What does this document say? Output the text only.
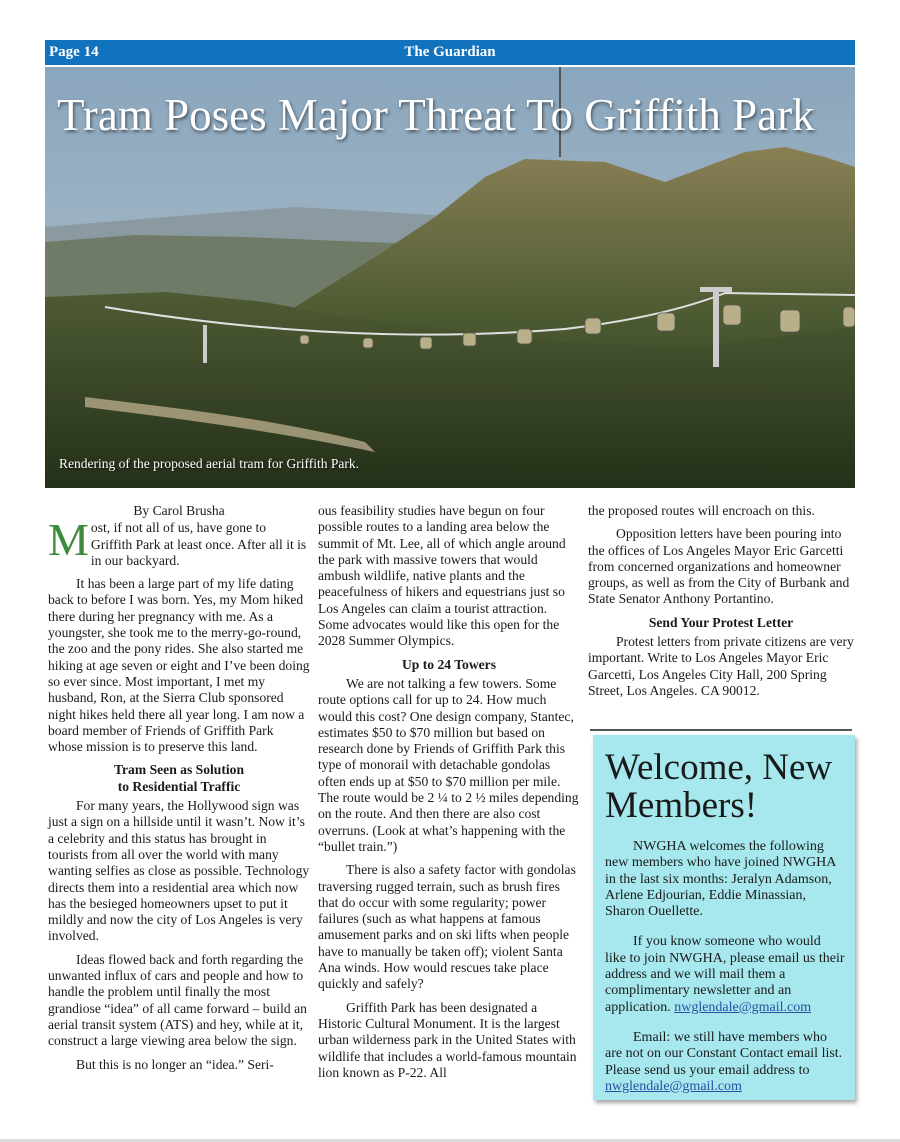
Page 14	The Guardian
Tram Poses Major Threat To Griffith Park
Rendering of the proposed aerial tram for Griffith Park.
By Carol Brusha

Most, if not all of us, have gone to Griffith Park at least once. After all it is in our backyard.

It has been a large part of my life dating back to before I was born. Yes, my Mom hiked there during her pregnancy with me. As a youngster, she took me to the merry-go-round, the zoo and the pony rides. She also started me hiking at age seven or eight and I’ve been doing so ever since. Most important, I met my husband, Ron, at the Sierra Club sponsored night hikes held there all year long. I am now a board member of Friends of Griffith Park whose mission is to preserve this land.

Tram Seen as Solution
to Residential Traffic

For many years, the Hollywood sign was just a sign on a hillside until it wasn’t. Now it’s a celebrity and this status has brought in tourists from all over the world with many wanting selfies as close as possible. Technology directs them into a residential area which now has the besieged homeowners upset to put it mildly and now the city of Los Angeles is very involved.

Ideas flowed back and forth regarding the unwanted influx of cars and people and how to handle the problem until finally the most grandiose “idea” of all came forward – build an aerial transit system (ATS) and hey, while at it, construct a large viewing area below the sign.

But this is no longer an “idea.” Seri-

ous feasibility studies have begun on four possible routes to a landing area below the summit of Mt. Lee, all of which angle around the park with massive towers that would ambush wildlife, native plants and the peacefulness of hikers and equestrians just so Los Angeles can claim a tourist attraction. Some advocates would like this open for the 2028 Summer Olympics.

Up to 24 Towers

We are not talking a few towers. Some route options call for up to 24. How much would this cost? One design company, Stantec, estimates $50 to $70 million but based on research done by Friends of Griffith Park this type of monorail with detachable gondolas often ends up at $50 to $70 million per mile. The route would be 2 ¼ to 2 ½ miles depending on the route. And then there are also cost overruns. (Look at what’s happening with the “bullet train.”)

There is also a safety factor with gondolas traversing rugged terrain, such as brush fires that do occur with some regularity; power failures (such as what happens at famous amusement parks and on ski lifts when people have to manually be taken off); violent Santa Ana winds. How would rescues take place quickly and safely?

Griffith Park has been designated a Historic Cultural Monument. It is the largest urban wilderness park in the United States with wildlife that includes a world-famous mountain lion known as P-22. All

the proposed routes will encroach on this.

Opposition letters have been pouring into the offices of Los Angeles Mayor Eric Garcetti from concerned organizations and homeowner groups, as well as from the City of Burbank and State Senator Anthony Portantino.

Send Your Protest Letter

Protest letters from private citizens are very important. Write to Los Angeles Mayor Eric Garcetti, Los Angeles City Hall, 200 Spring Street, Los Angeles. CA 90012.

Welcome, New Members!

NWGHA welcomes the following new members who have joined NWGHA in the last six months: Jeralyn Adamson, Arlene Edjourian, Eddie Minassian, Sharon Ouellette.

If you know someone who would like to join NWGHA, please email us their address and we will mail them a complimentary newsletter and an application. nwglendale@gmail.com

Email: we still have members who are not on our Constant Contact email list. Please send us your email address to nwglendale@gmail.com
